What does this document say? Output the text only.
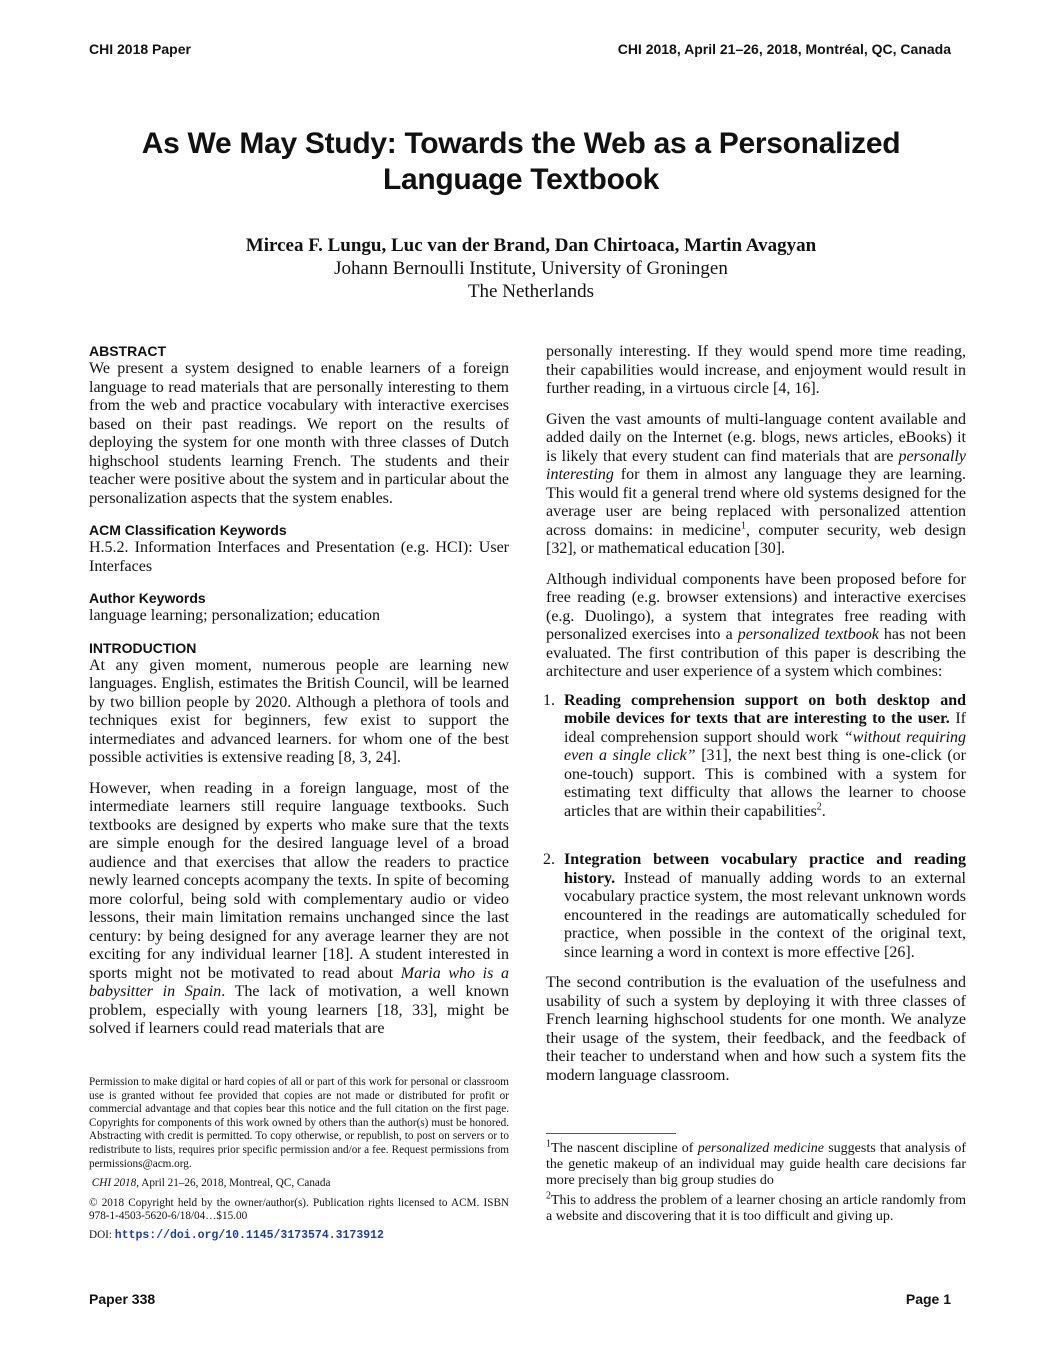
CHI 2018 Paper	CHI 2018, April 21–26, 2018, Montréal, QC, Canada
As We May Study: Towards the Web as a Personalized
Language Textbook
Mircea F. Lungu, Luc van der Brand, Dan Chirtoaca, Martin Avagyan
Johann Bernoulli Institute, University of Groningen
The Netherlands

ABSTRACT

We present a system designed to enable learners of a foreign language to read materials that are personally interesting to them from the web and practice vocabulary with interactive exercises based on their past readings. We report on the results of deploying the system for one month with three classes of Dutch highschool students learning French. The students and their teacher were positive about the system and in particular about the personalization aspects that the system enables.

ACM Classification Keywords

H.5.2. Information Interfaces and Presentation (e.g. HCI): User Interfaces

Author Keywords

language learning; personalization; education

INTRODUCTION

At any given moment, numerous people are learning new languages. English, estimates the British Council, will be learned by two billion people by 2020. Although a plethora of tools and techniques exist for beginners, few exist to support the intermediates and advanced learners. for whom one of the best possible activities is extensive reading [8, 3, 24].

However, when reading in a foreign language, most of the intermediate learners still require language textbooks. Such textbooks are designed by experts who make sure that the texts are simple enough for the desired language level of a broad audience and that exercises that allow the readers to practice newly learned concepts acompany the texts. In spite of becoming more colorful, being sold with complementary audio or video lessons, their main limitation remains unchanged since the last century: by being designed for any average learner they are not exciting for any individual learner [18]. A student interested in sports might not be motivated to read about Maria who is a babysitter in Spain. The lack of motivation, a well known problem, especially with young learners [18, 33], might be solved if learners could read materials that are

Permission to make digital or hard copies of all or part of this work for personal or classroom use is granted without fee provided that copies are not made or distributed for profit or commercial advantage and that copies bear this notice and the full citation on the first page. Copyrights for components of this work owned by others than the author(s) must be honored. Abstracting with credit is permitted. To copy otherwise, or republish, to post on servers or to redistribute to lists, requires prior specific permission and/or a fee. Request permissions from permissions@acm.org.

CHI 2018, April 21–26, 2018, Montreal, QC, Canada

© 2018 Copyright held by the owner/author(s). Publication rights licensed to ACM. ISBN 978-1-4503-5620-6/18/04…$15.00

DOI: https://doi.org/10.1145/3173574.3173912

personally interesting. If they would spend more time reading, their capabilities would increase, and enjoyment would result in further reading, in a virtuous circle [4, 16].

Given the vast amounts of multi-language content available and added daily on the Internet (e.g. blogs, news articles, eBooks) it is likely that every student can find materials that are personally interesting for them in almost any language they are learning. This would fit a general trend where old systems designed for the average user are being replaced with personalized attention across domains: in medicine$^1$, computer security, web design [32], or mathematical education [30].

Although individual components have been proposed before for free reading (e.g. browser extensions) and interactive exercises (e.g. Duolingo), a system that integrates free reading with personalized exercises into a personalized textbook has not been evaluated. The first contribution of this paper is describing the architecture and user experience of a system which combines:

1. Reading comprehension support on both desktop and mobile devices for texts that are interesting to the user. If ideal comprehension support should work “without requiring even a single click” [31], the next best thing is one-click (or one-touch) support. This is combined with a system for estimating text difficulty that allows the learner to choose articles that are within their capabilities$^2$.
2. Integration between vocabulary practice and reading history. Instead of manually adding words to an external vocabulary practice system, the most relevant unknown words encountered in the readings are automatically scheduled for practice, when possible in the context of the original text, since learning a word in context is more effective [26].

The second contribution is the evaluation of the usefulness and usability of such a system by deploying it with three classes of French learning highschool students for one month. We analyze their usage of the system, their feedback, and the feedback of their teacher to understand when and how such a system fits the modern language classroom.

$^1$The nascent discipline of personalized medicine suggests that analysis of the genetic makeup of an individual may guide health care decisions far more precisely than big group studies do

$^2$This to address the problem of a learner chosing an article randomly from a website and discovering that it is too difficult and giving up.

Paper 338	Page 1
